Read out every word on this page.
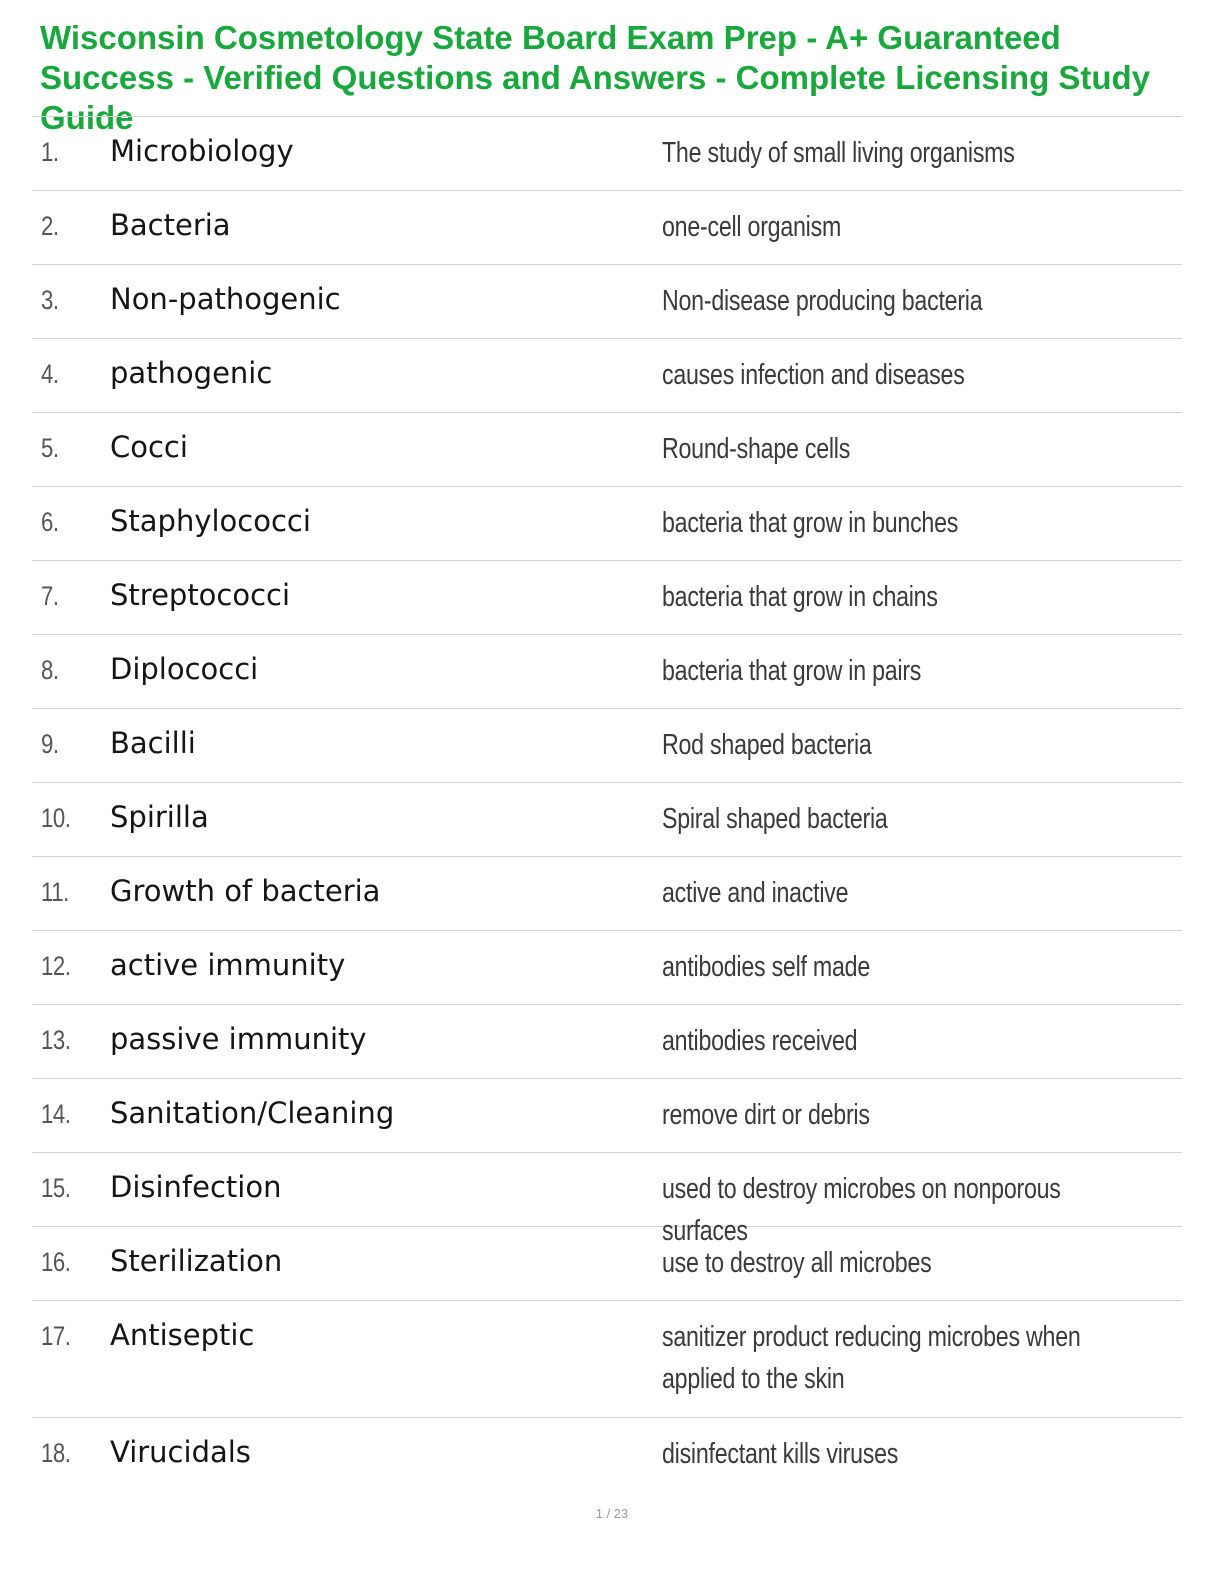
Wisconsin Cosmetology State Board Exam Prep - A+ Guaranteed Success - Verified Questions and Answers - Complete Licensing Study Guide
1. Microbiology	The study of small living organisms
2. Bacteria	one-cell organism
3. Non-pathogenic	Non-disease producing bacteria
4. pathogenic	causes infection and diseases
5. Cocci	Round-shape cells
6. Staphylococci	bacteria that grow in bunches
7. Streptococci	bacteria that grow in chains
8. Diplococci	bacteria that grow in pairs
9. Bacilli	Rod shaped bacteria
10. Spirilla	Spiral shaped bacteria
11. Growth of bacteria	active and inactive
12. active immunity	antibodies self made
13. passive immunity	antibodies received
14. Sanitation/Cleaning	remove dirt or debris
15. Disinfection	used to destroy microbes on nonporous surfaces
16. Sterilization	use to destroy all microbes
17. Antiseptic	sanitizer product reducing microbes when applied to the skin
18. Virucidals	disinfectant kills viruses
1 / 23
